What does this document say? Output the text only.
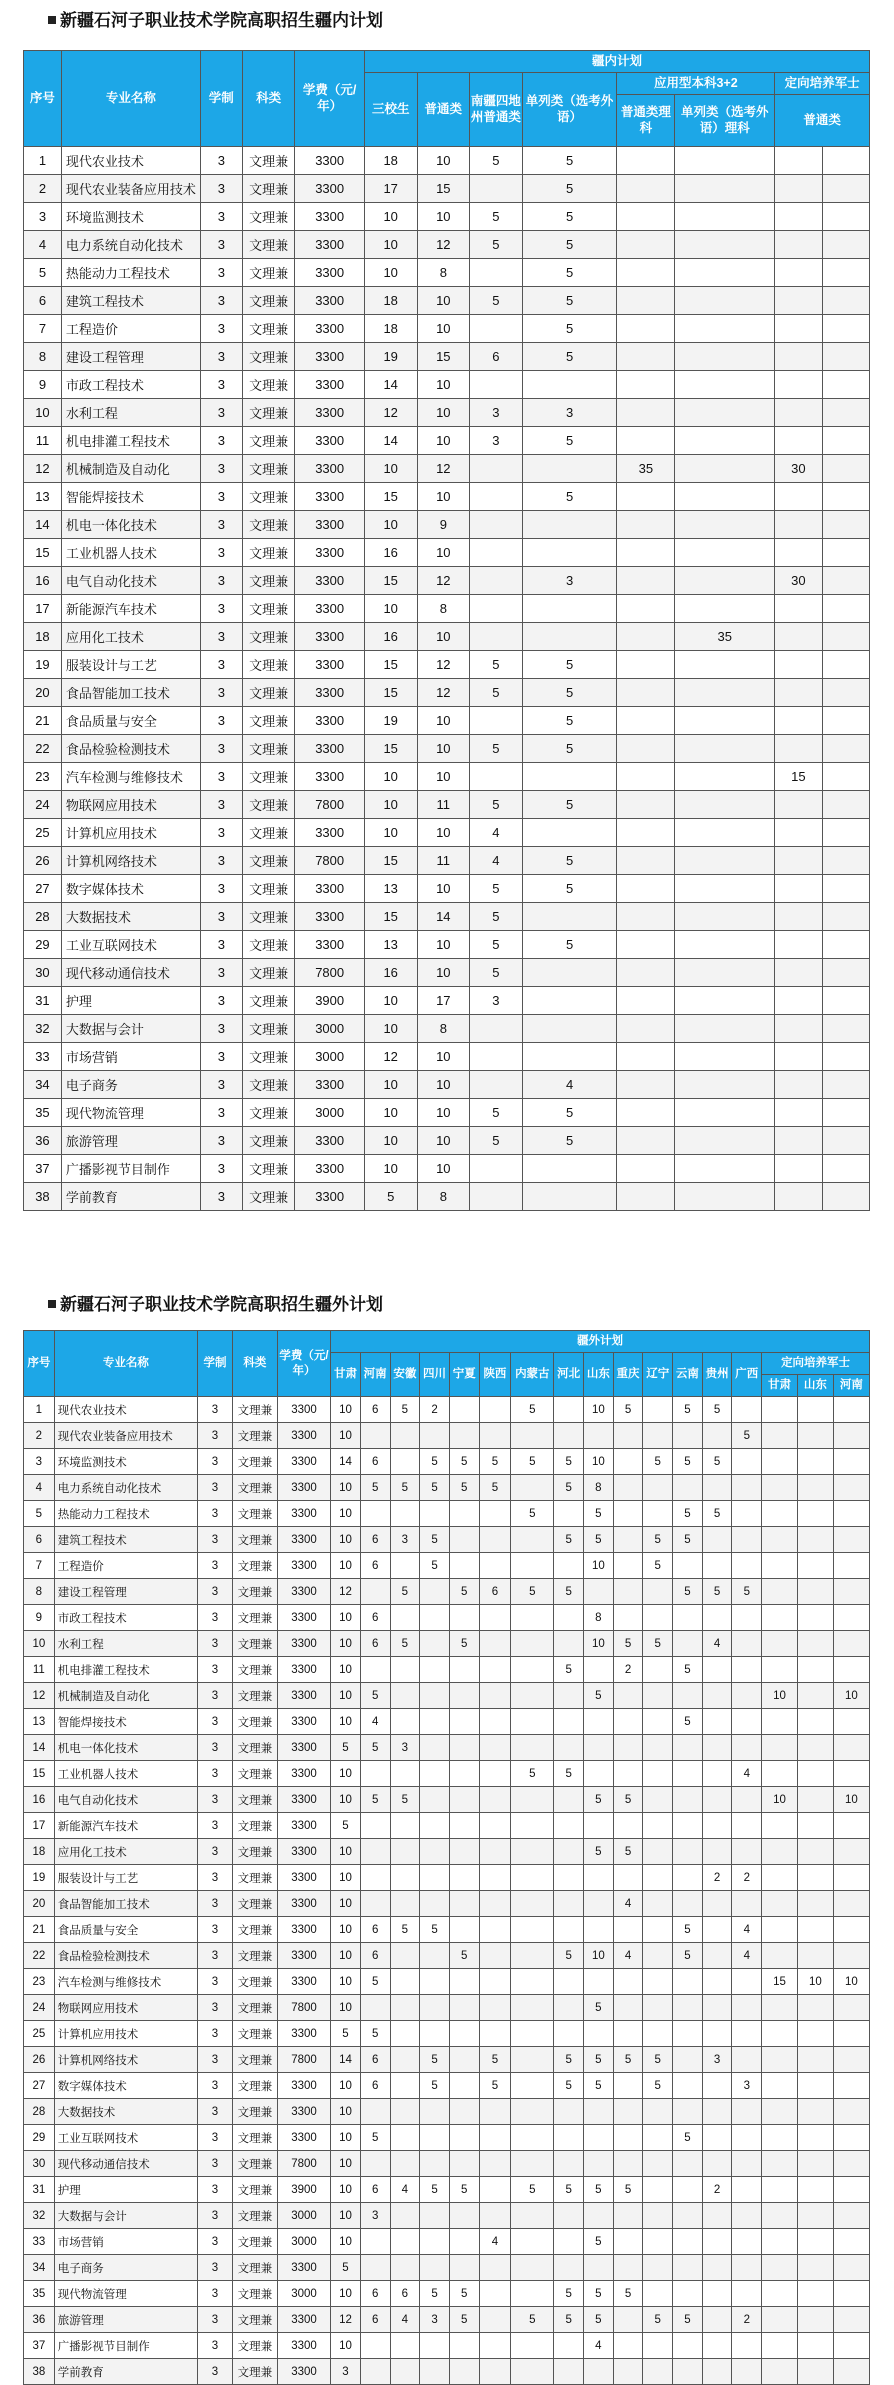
新疆石河子职业技术学院高职招生疆内计划
序号	专业名称	学制	科类	学费（元/年）	疆内计划							
					三校生	普通类	南疆四地州普通类	单列类（选考外语）	应用型本科3+2		定向培养军士	
									普通类理科	单列类（选考外语）理科	普通类	

1	现代农业技术	3	文理兼	3300	18	10	5	5				
2	现代农业装备应用技术	3	文理兼	3300	17	15		5				
3	环境监测技术	3	文理兼	3300	10	10	5	5				
4	电力系统自动化技术	3	文理兼	3300	10	12	5	5				
5	热能动力工程技术	3	文理兼	3300	10	8		5				
6	建筑工程技术	3	文理兼	3300	18	10	5	5				
7	工程造价	3	文理兼	3300	18	10		5				
8	建设工程管理	3	文理兼	3300	19	15	6	5				
9	市政工程技术	3	文理兼	3300	14	10						
10	水利工程	3	文理兼	3300	12	10	3	3				
11	机电排灌工程技术	3	文理兼	3300	14	10	3	5				
12	机械制造及自动化	3	文理兼	3300	10	12			35		30	
13	智能焊接技术	3	文理兼	3300	15	10		5				
14	机电一体化技术	3	文理兼	3300	10	9						
15	工业机器人技术	3	文理兼	3300	16	10						
16	电气自动化技术	3	文理兼	3300	15	12		3			30	
17	新能源汽车技术	3	文理兼	3300	10	8						
18	应用化工技术	3	文理兼	3300	16	10				35		
19	服装设计与工艺	3	文理兼	3300	15	12	5	5				
20	食品智能加工技术	3	文理兼	3300	15	12	5	5				
21	食品质量与安全	3	文理兼	3300	19	10		5				
22	食品检验检测技术	3	文理兼	3300	15	10	5	5				
23	汽车检测与维修技术	3	文理兼	3300	10	10					15	
24	物联网应用技术	3	文理兼	7800	10	11	5	5				
25	计算机应用技术	3	文理兼	3300	10	10	4					
26	计算机网络技术	3	文理兼	7800	15	11	4	5				
27	数字媒体技术	3	文理兼	3300	13	10	5	5				
28	大数据技术	3	文理兼	3300	15	14	5					
29	工业互联网技术	3	文理兼	3300	13	10	5	5				
30	现代移动通信技术	3	文理兼	7800	16	10	5					
31	护理	3	文理兼	3900	10	17	3					
32	大数据与会计	3	文理兼	3000	10	8						
33	市场营销	3	文理兼	3000	12	10						
34	电子商务	3	文理兼	3300	10	10		4				
35	现代物流管理	3	文理兼	3000	10	10	5	5				
36	旅游管理	3	文理兼	3300	10	10	5	5				
37	广播影视节目制作	3	文理兼	3300	10	10						
38	学前教育	3	文理兼	3300	5	8						
新疆石河子职业技术学院高职招生疆外计划
序号	专业名称	学制	科类	学费（元/年）	疆外计划																
					甘肃	河南	安徽	四川	宁夏	陕西	内蒙古	河北	山东	重庆	辽宁	云南	贵州	广西	定向培养军士		
																			甘肃	山东	河南
1	现代农业技术	3	文理兼	3300	10	6	5	2			5		10	5		5	5				
2	现代农业装备应用技术	3	文理兼	3300	10													5			
3	环境监测技术	3	文理兼	3300	14	6		5	5	5	5	5	10		5	5	5				
4	电力系统自动化技术	3	文理兼	3300	10	5	5	5	5	5		5	8								
5	热能动力工程技术	3	文理兼	3300	10						5		5			5	5				
6	建筑工程技术	3	文理兼	3300	10	6	3	5				5	5		5	5					
7	工程造价	3	文理兼	3300	10	6		5					10		5						
8	建设工程管理	3	文理兼	3300	12		5		5	6	5	5				5	5	5			
9	市政工程技术	3	文理兼	3300	10	6							8								
10	水利工程	3	文理兼	3300	10	6	5		5				10	5	5		4				
11	机电排灌工程技术	3	文理兼	3300	10							5		2		5					
12	机械制造及自动化	3	文理兼	3300	10	5							5						10		10
13	智能焊接技术	3	文理兼	3300	10	4										5					
14	机电一体化技术	3	文理兼	3300	5	5	3														
15	工业机器人技术	3	文理兼	3300	10						5	5						4			
16	电气自动化技术	3	文理兼	3300	10	5	5						5	5					10		10
17	新能源汽车技术	3	文理兼	3300	5																
18	应用化工技术	3	文理兼	3300	10								5	5							
19	服装设计与工艺	3	文理兼	3300	10												2	2			
20	食品智能加工技术	3	文理兼	3300	10									4							
21	食品质量与安全	3	文理兼	3300	10	6	5	5								5		4			
22	食品检验检测技术	3	文理兼	3300	10	6			5			5	10	4		5		4			
23	汽车检测与维修技术	3	文理兼	3300	10	5													15	10	10
24	物联网应用技术	3	文理兼	7800	10								5								
25	计算机应用技术	3	文理兼	3300	5	5															
26	计算机网络技术	3	文理兼	7800	14	6		5		5		5	5	5	5		3				
27	数字媒体技术	3	文理兼	3300	10	6		5		5		5	5		5			3			
28	大数据技术	3	文理兼	3300	10																
29	工业互联网技术	3	文理兼	3300	10	5										5					
30	现代移动通信技术	3	文理兼	7800	10																
31	护理	3	文理兼	3900	10	6	4	5	5		5	5	5	5			2				
32	大数据与会计	3	文理兼	3000	10	3															
33	市场营销	3	文理兼	3000	10					4			5								
34	电子商务	3	文理兼	3300	5																
35	现代物流管理	3	文理兼	3000	10	6	6	5	5			5	5	5							
36	旅游管理	3	文理兼	3300	12	6	4	3	5		5	5	5		5	5		2			
37	广播影视节目制作	3	文理兼	3300	10								4								
38	学前教育	3	文理兼	3300	3																
